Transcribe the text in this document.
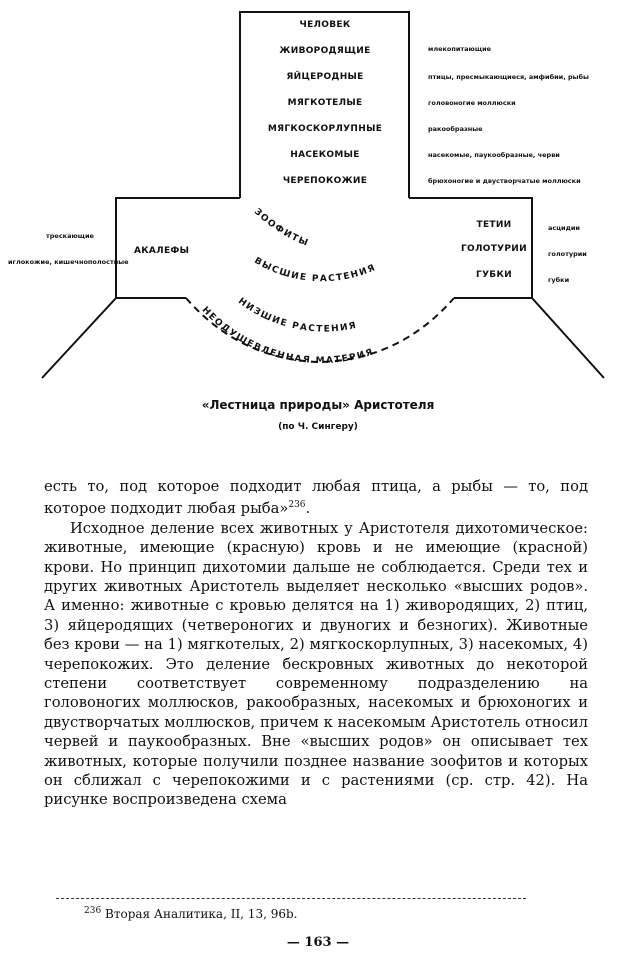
ЗООФИТЫ
ВЫСШИЕ РАСТЕНИЯ
НИЗШИЕ РАСТЕНИЯ
НЕОДУШЕВЛЕННАЯ МАТЕРИЯ
ЧЕЛОВЕК
ЖИВОРОДЯЩИЕ
ЯЙЦЕРОДНЫЕ
МЯГКОТЕЛЫЕ
МЯГКОСКОРЛУПНЫЕ
НАСЕКОМЫЕ
ЧЕРЕПОКОЖИЕ
млекопитающие
птицы, пресмыкающиеся, амфибии, рыбы
головоногие моллюски
ракообразные
насекомые, паукообразные, черви
брюхоногие и двустворчатые моллюски
трескающие
иглокожие, кишечнополостные
АКАЛЕФЫ
ТЕТИИ
ГОЛОТУРИИ
ГУБКИ
асцидии
голотурии
губки
«Лестница природы» Аристотеля
(по Ч. Сингеру)

есть то, под которое подходит любая птица, а рыбы — то, под которое подходит любая рыба»$^{236}$.

Исходное деление всех животных у Аристотеля дихотомическое: животные, имеющие (красную) кровь и не имеющие (красной) крови. Но принцип дихотомии дальше не соблюдается. Среди тех и других животных Аристотель выделяет несколько «высших родов». А именно: животные с кровью делятся на 1) живородящих, 2) птиц, 3) яйцеродящих (четвероногих и двуногих и безногих). Животные без крови — на 1) мягкотелых, 2) мягкоскорлупных, 3) насекомых, 4) черепокожих. Это деление бескровных животных до некоторой степени соответствует современному подразделению на головоногих моллюсков, ракообразных, насекомых и брюхоногих и двустворчатых моллюсков, причем к насекомым Аристотель относил червей и паукообразных. Вне «высших родов» он описывает тех животных, которые получили позднее название зоофитов и которых он сближал с черепокожими и с растениями (ср. стр. 42). На рисунке воспроизведена схема

$^{236}$ Вторая Аналитика, II, 13, 96b.
— 163 —
